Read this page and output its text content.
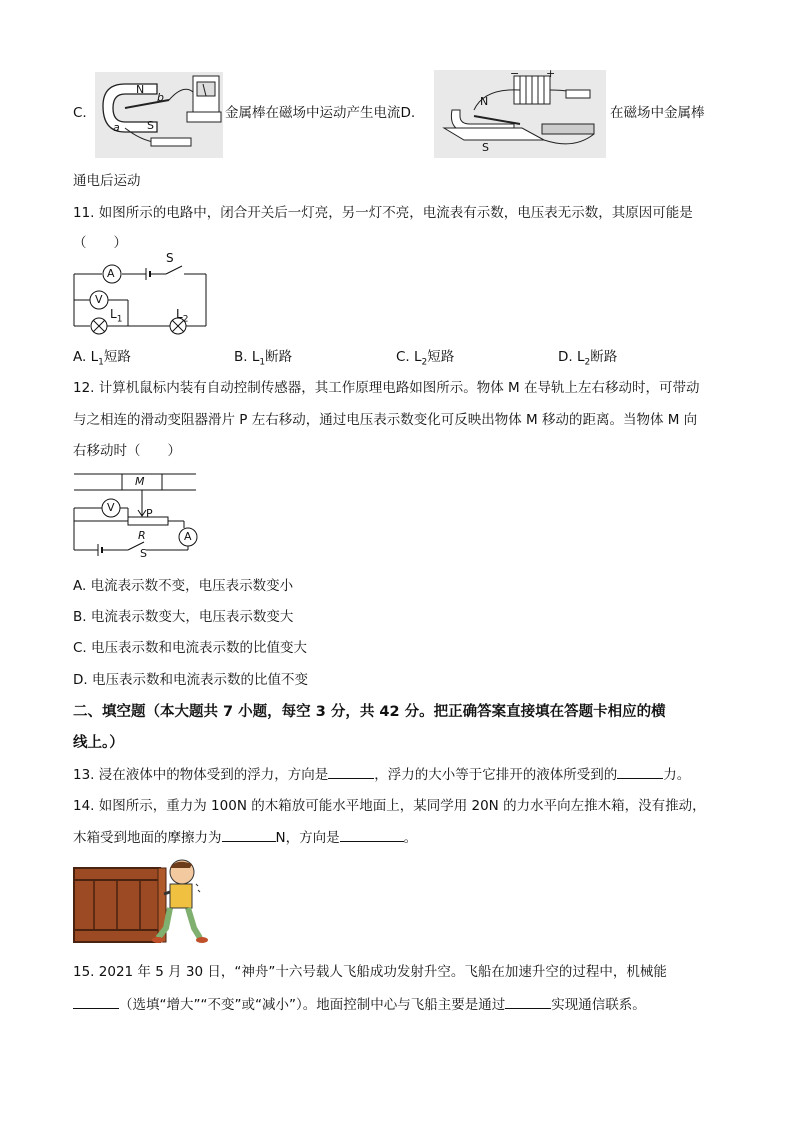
C.
N
b
S
a
金属棒在磁场中运动产生电流D.
− +
N
S
在磁场中金属棒
通电后运动
11. 如图所示的电路中，闭合开关后一灯亮，另一灯不亮，电流表有示数，电压表无示数，其原因可能是
（　　）
A
V
S
$L_1$	$L_2$
A. $L_1$短路	B. $L_1$断路	C. $L_2$短路	D. $L_2$断路
12. 计算机鼠标内装有自动控制传感器，其工作原理电路如图所示。物体 M 在导轨上左右移动时，可带动
与之相连的滑动变阻器滑片 P 左右移动，通过电压表示数变化可反映出物体 M 移动的距离。当物体 M 向
右移动时（　　）
M
V	P
R	A
S
A. 电流表示数不变，电压表示数变小
B. 电流表示数变大，电压表示数变大
C. 电压表示数和电流表示数的比值变大
D. 电压表示数和电流表示数的比值不变
二、填空题（本大题共 7 小题，每空 3 分，共 42 分。把正确答案直接填在答题卡相应的横
线上。）
13. 浸在液体中的物体受到的浮力，方向是	，浮力的大小等于它排开的液体所受到的	力。
14. 如图所示，重力为 100N 的木箱放可能水平地面上，某同学用 20N 的力水平向左推木箱，没有推动，
木箱受到地面的摩擦力为	N，方向是	。
15. 2021 年 5 月 30 日，“神舟”十六号载人飞船成功发射升空。飞船在加速升空的过程中，机械能
（选填“增大”“不变”或“减小”）。地面控制中心与飞船主要是通过	实现通信联系。
